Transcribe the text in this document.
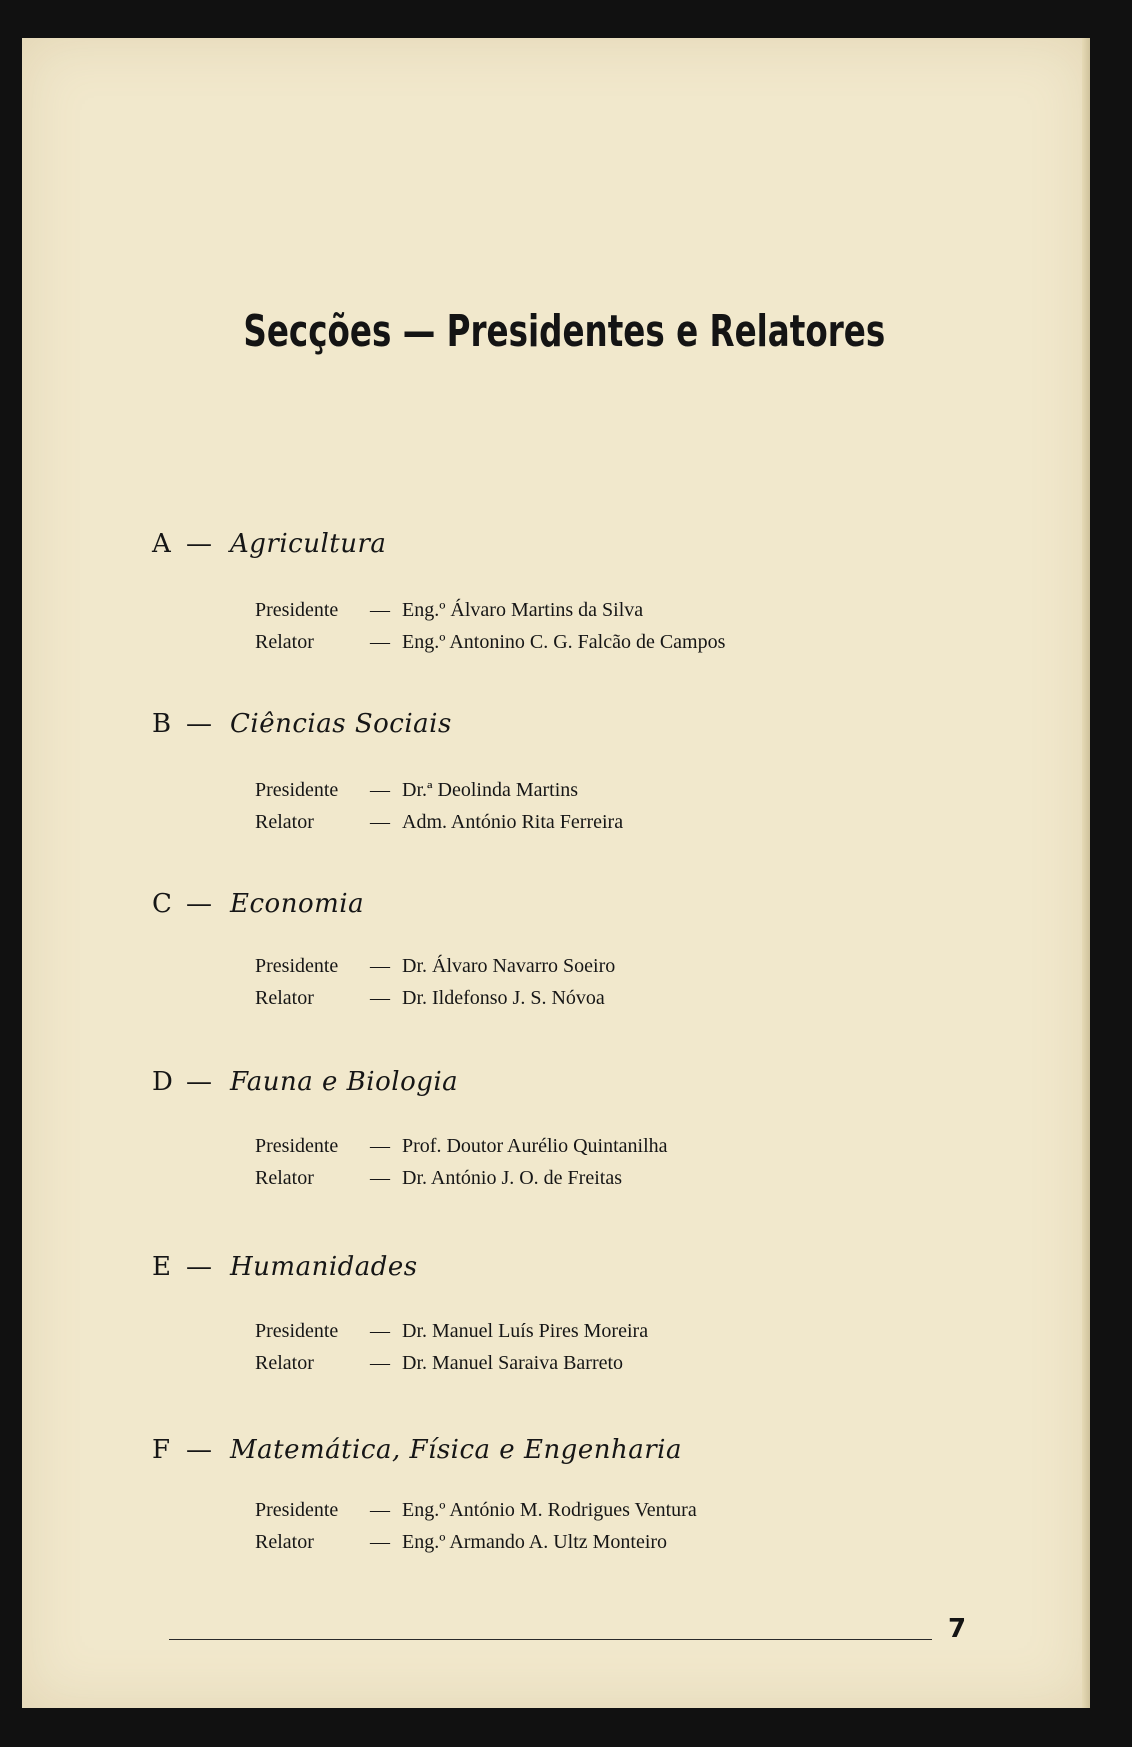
Secções — Presidentes e Relatores
A — Agricultura
Presidente — Eng.º Álvaro Martins da Silva
Relator	— Eng.º Antonino C. G. Falcão de Campos
B — Ciências Sociais
Presidente — Dr.ª Deolinda Martins
Relator	— Adm. António Rita Ferreira
C — Economia
Presidente — Dr. Álvaro Navarro Soeiro
Relator	— Dr. Ildefonso J. S. Nóvoa
D — Fauna e Biologia
Presidente — Prof. Doutor Aurélio Quintanilha
Relator	— Dr. António J. O. de Freitas
E — Humanidades
Presidente — Dr. Manuel Luís Pires Moreira
Relator	— Dr. Manuel Saraiva Barreto
F — Matemática, Física e Engenharia
Presidente — Eng.º António M. Rodrigues Ventura
Relator	— Eng.º Armando A. Ultz Monteiro
7
